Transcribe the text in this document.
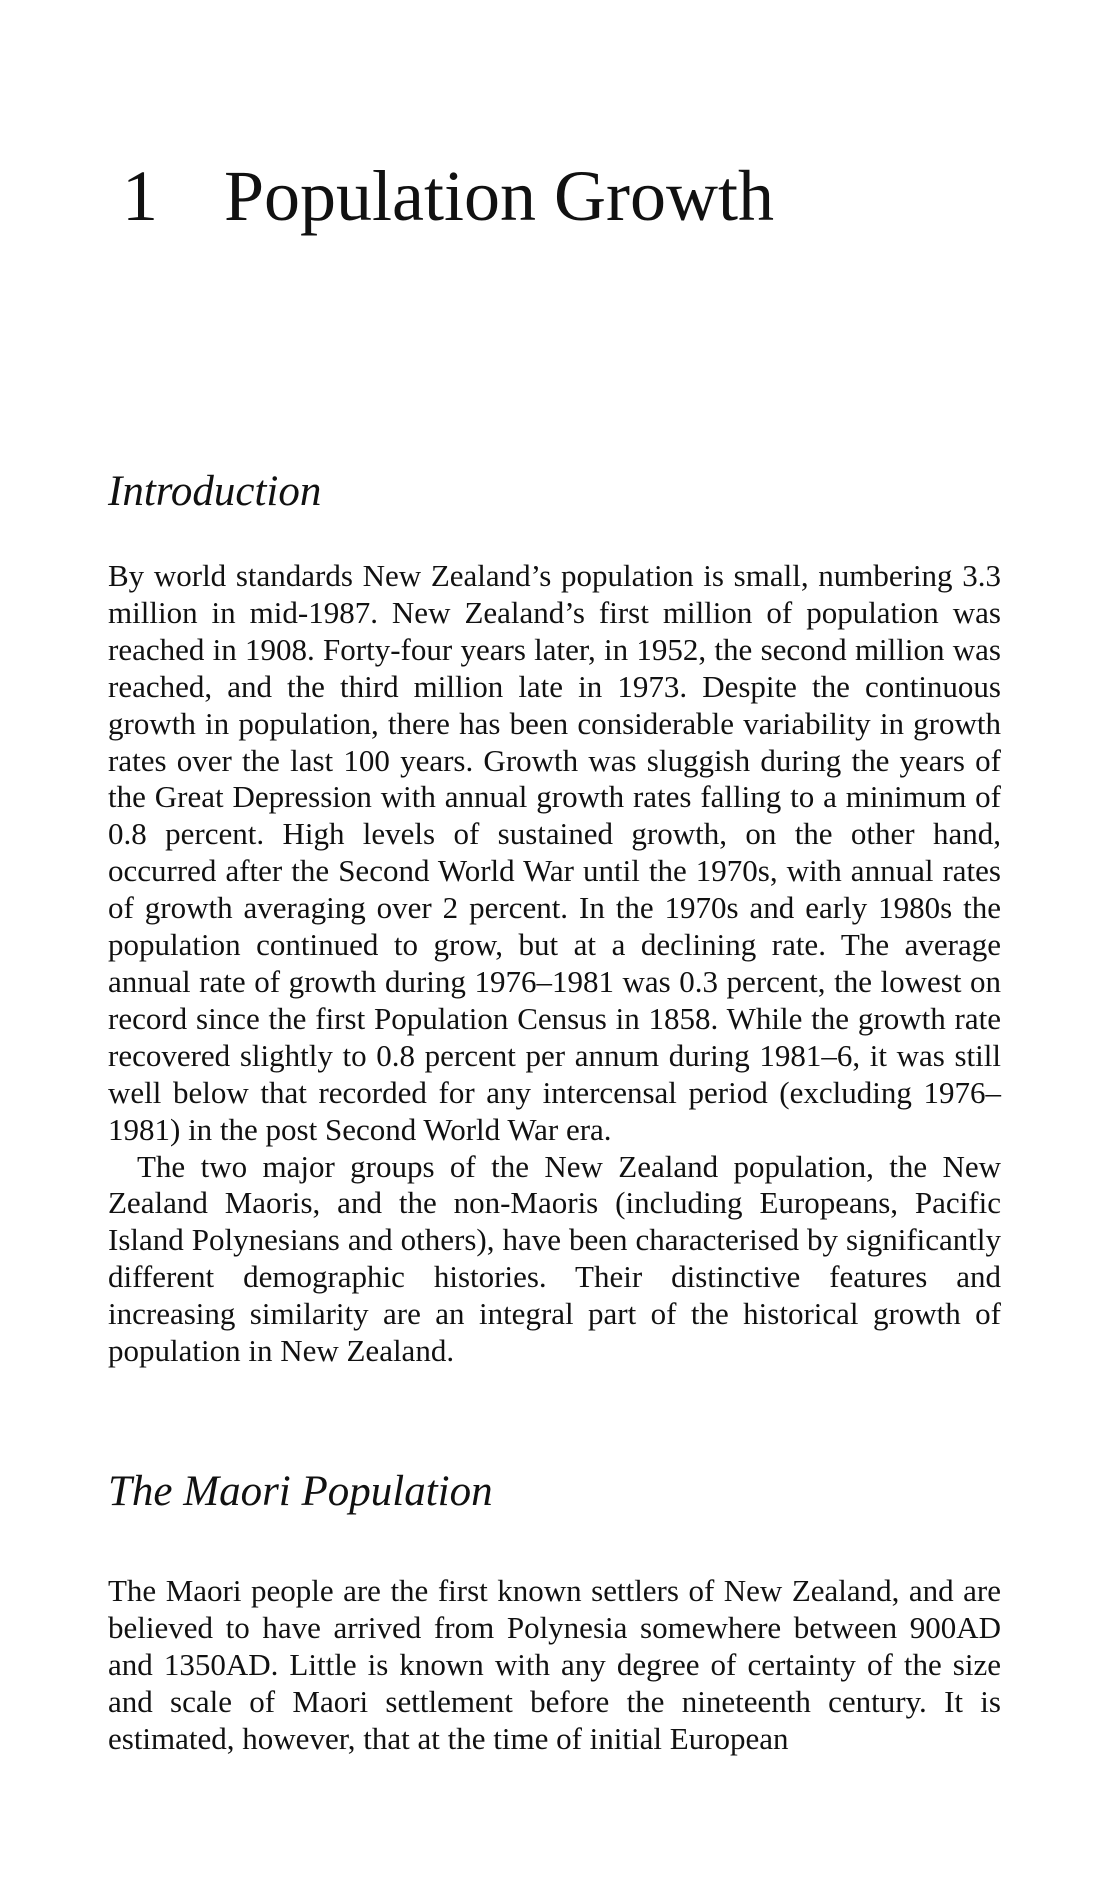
1 Population Growth
Introduction

By world standards New Zealand’s population is small, numbering 3.3 million in mid-1987. New Zealand’s first million of population was reached in 1908. Forty-four years later, in 1952, the second million was reached, and the third million late in 1973. Despite the continuous growth in population, there has been considerable variability in growth rates over the last 100 years. Growth was sluggish during the years of the Great Depression with annual growth rates falling to a minimum of 0.8 percent. High levels of sustained growth, on the other hand, occurred after the Second World War until the 1970s, with annual rates of growth averaging over 2 percent. In the 1970s and early 1980s the population continued to grow, but at a declining rate. The average annual rate of growth during 1976–1981 was 0.3 percent, the lowest on record since the first Population Census in 1858. While the growth rate recovered slightly to 0.8 percent per annum during 1981–6, it was still well below that recorded for any intercensal period (excluding 1976–1981) in the post Second World War era.

The two major groups of the New Zealand population, the New Zealand Maoris, and the non-Maoris (including Europeans, Pacific Island Polynesians and others), have been characterised by significantly different demographic histories. Their distinctive features and increasing similarity are an integral part of the historical growth of population in New Zealand.

The Maori Population

The Maori people are the first known settlers of New Zealand, and are believed to have arrived from Polynesia somewhere between 900AD and 1350AD. Little is known with any degree of certainty of the size and scale of Maori settlement before the nineteenth century. It is estimated, however, that at the time of initial European
